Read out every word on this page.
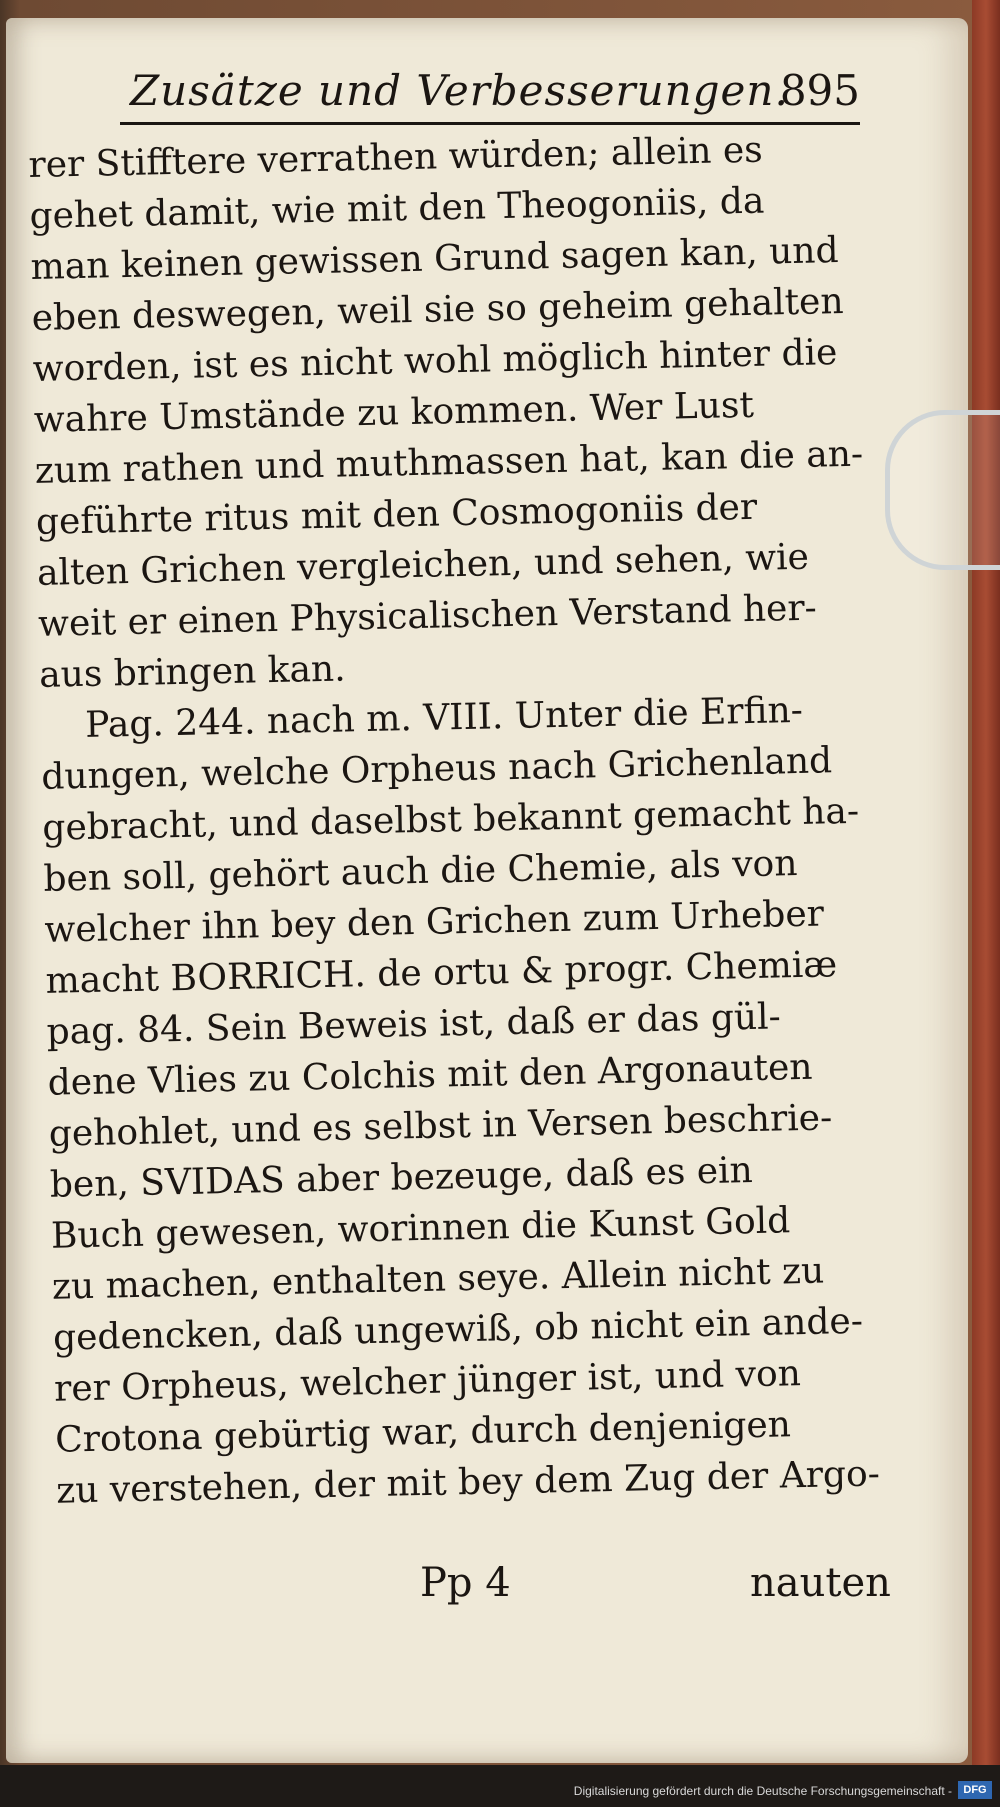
Zusätze und Verbesserungen.
895
rer Stifftere verrathen würden; allein es
gehet damit, wie mit den Theogoniis, da
man keinen gewissen Grund sagen kan, und
eben deswegen, weil sie so geheim gehalten
worden, ist es nicht wohl möglich hinter die
wahre Umstände zu kommen. Wer Lust
zum rathen und muthmassen hat, kan die an-
geführte ritus mit den Cosmogoniis der
alten Grichen vergleichen, und sehen, wie
weit er einen Physicalischen Verstand her-
aus bringen kan.
Pag. 244. nach m. VIII. Unter die Erfin-
dungen, welche Orpheus nach Grichenland
gebracht, und daselbst bekannt gemacht ha-
ben soll, gehört auch die Chemie, als von
welcher ihn bey den Grichen zum Urheber
macht BORRICH. de ortu & progr. Chemiæ
pag. 84. Sein Beweis ist, daß er das gül-
dene Vlies zu Colchis mit den Argonauten
gehohlet, und es selbst in Versen beschrie-
ben, SVIDAS aber bezeuge, daß es ein
Buch gewesen, worinnen die Kunst Gold
zu machen, enthalten seye. Allein nicht zu
gedencken, daß ungewiß, ob nicht ein ande-
rer Orpheus, welcher jünger ist, und von
Crotona gebürtig war, durch denjenigen
zu verstehen, der mit bey dem Zug der Argo-
Pp 4	nauten
Digitalisierung gefördert durch die Deutsche Forschungsgemeinschaft -	DFG
